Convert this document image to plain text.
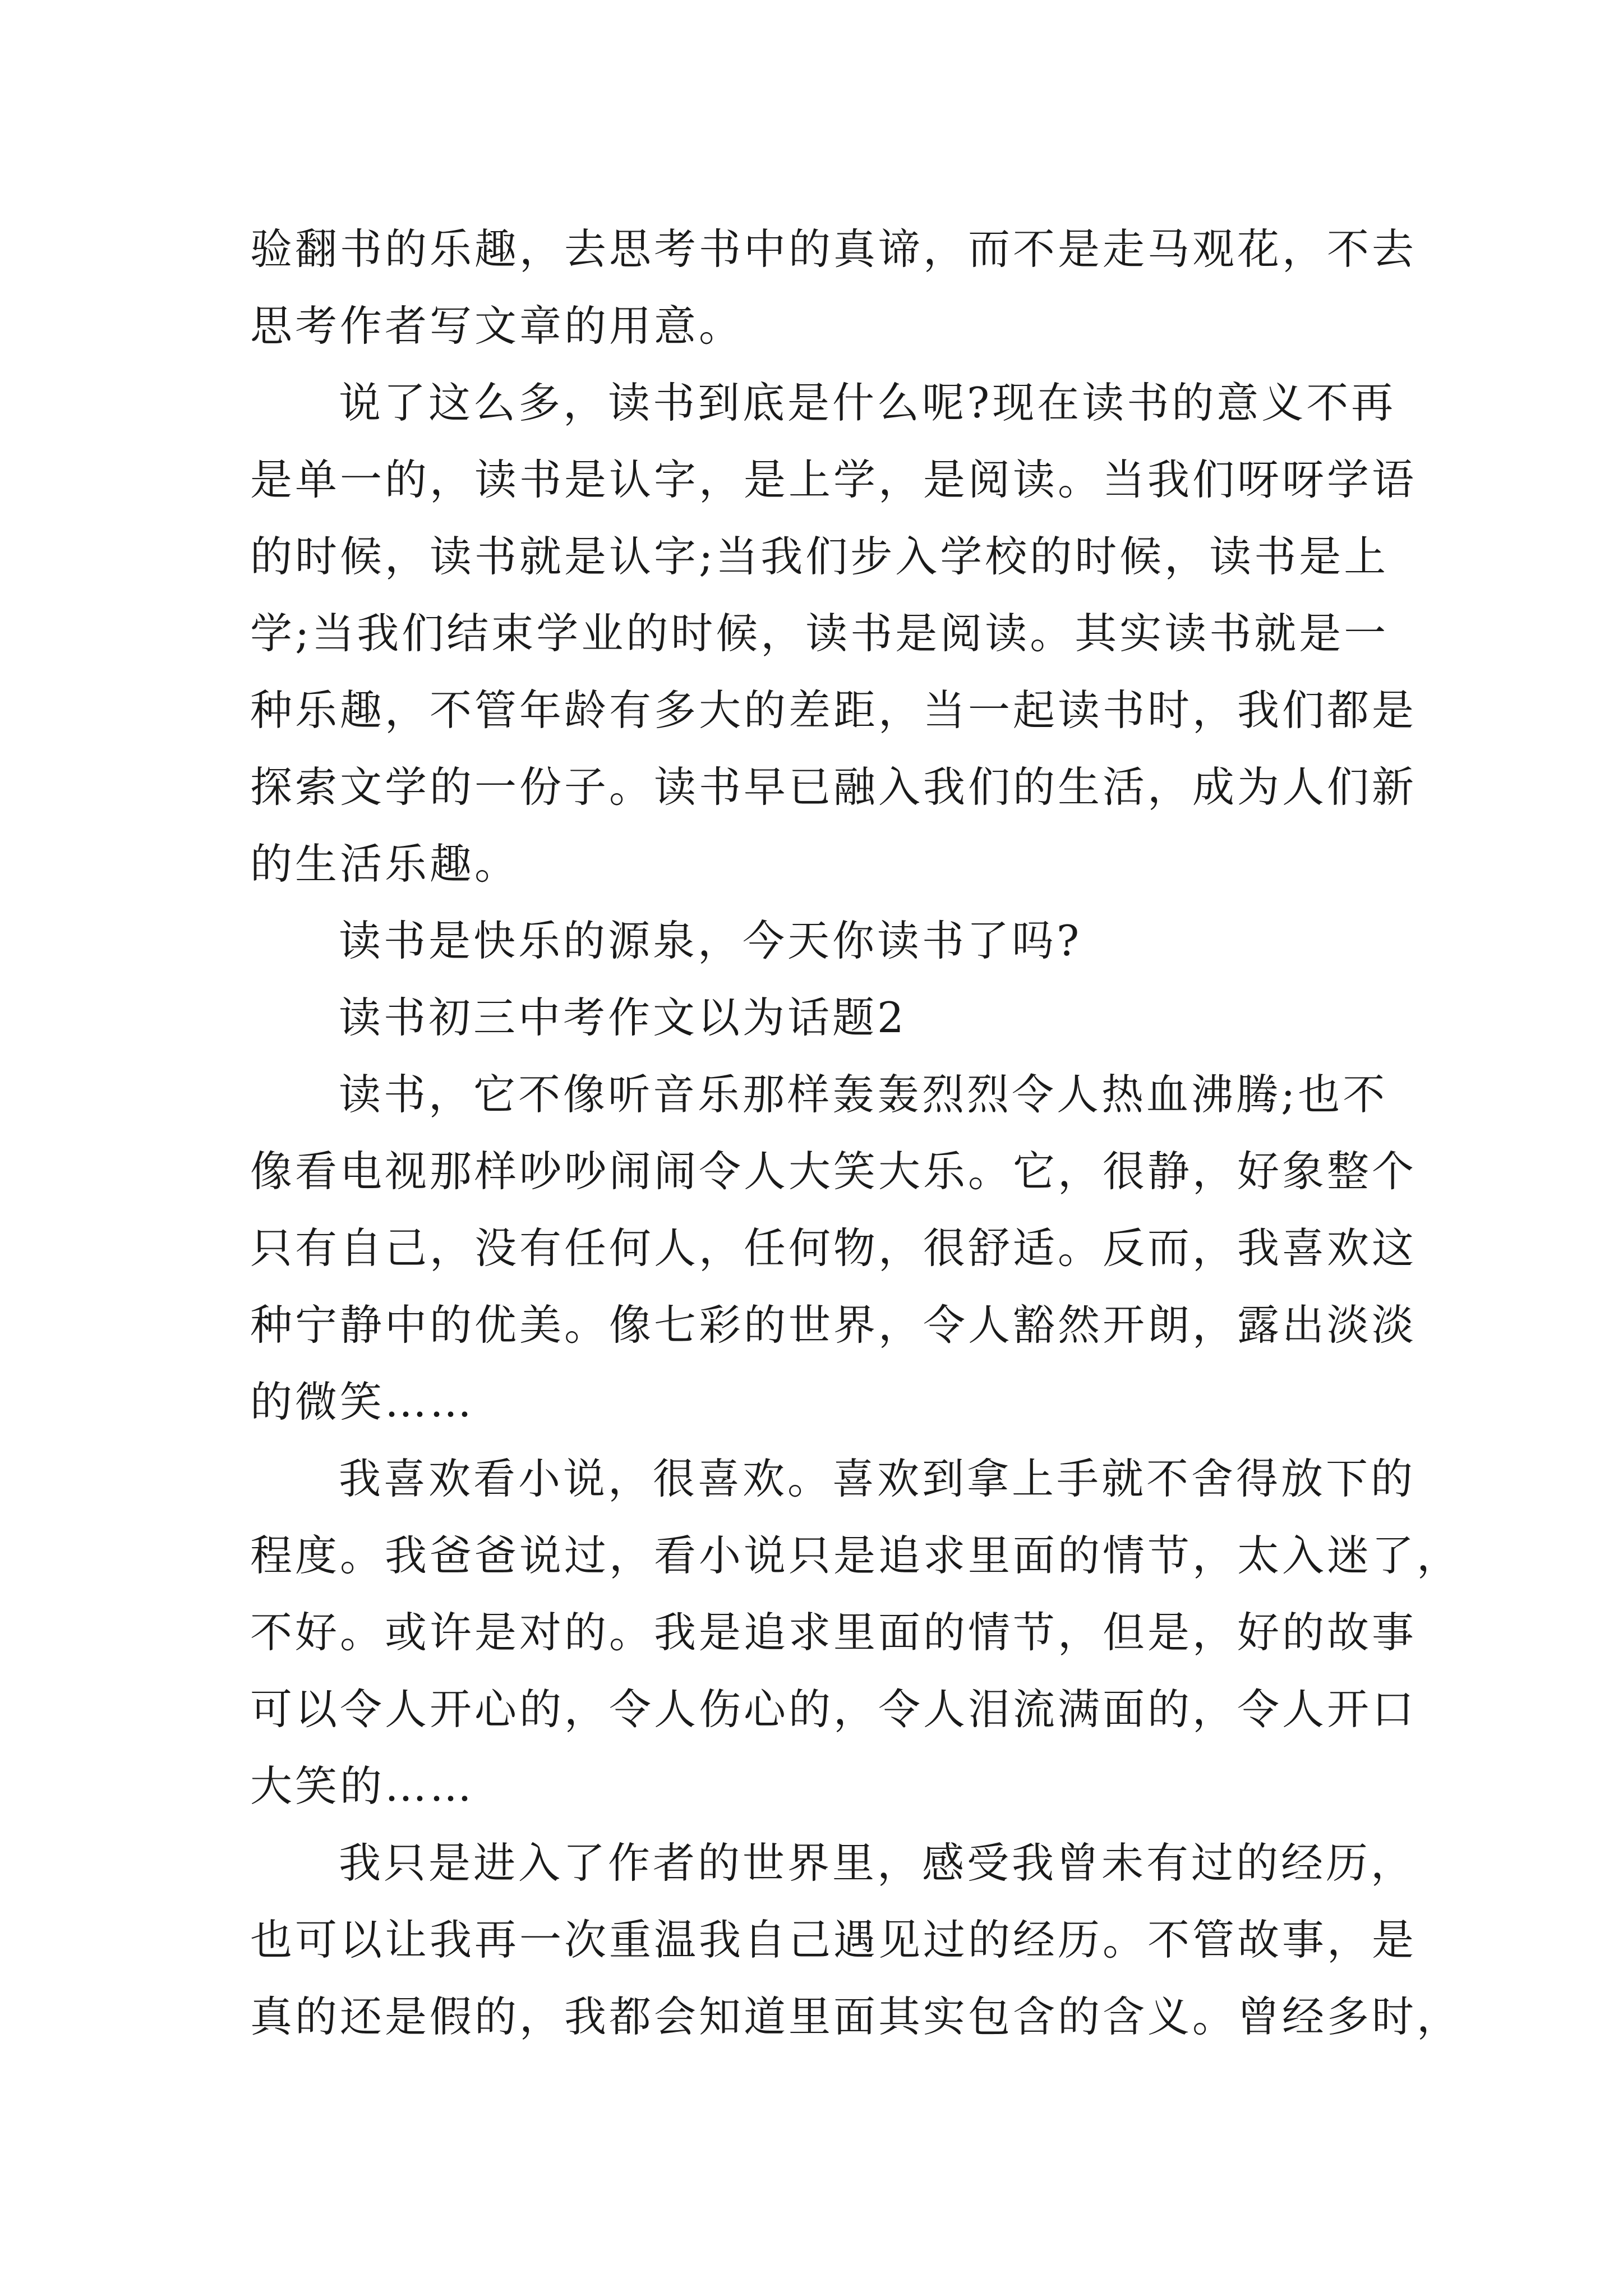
验翻书的乐趣，去思考书中的真谛，而不是走马观花，不去
思考作者写文章的用意。
说了这么多，读书到底是什么呢?现在读书的意义不再
是单一的，读书是认字，是上学，是阅读。当我们呀呀学语
的时候，读书就是认字;当我们步入学校的时候，读书是上
学;当我们结束学业的时候，读书是阅读。其实读书就是一
种乐趣，不管年龄有多大的差距，当一起读书时，我们都是
探索文学的一份子。读书早已融入我们的生活，成为人们新
的生活乐趣。
读书是快乐的源泉，今天你读书了吗?
读书初三中考作文以为话题2
读书，它不像听音乐那样轰轰烈烈令人热血沸腾;也不
像看电视那样吵吵闹闹令人大笑大乐。它，很静，好象整个
只有自己，没有任何人，任何物，很舒适。反而，我喜欢这
种宁静中的优美。像七彩的世界，令人豁然开朗，露出淡淡
的微笑……
我喜欢看小说，很喜欢。喜欢到拿上手就不舍得放下的
程度。我爸爸说过，看小说只是追求里面的情节，太入迷了，
不好。或许是对的。我是追求里面的情节，但是，好的故事
可以令人开心的，令人伤心的，令人泪流满面的，令人开口
大笑的……
我只是进入了作者的世界里，感受我曾未有过的经历，
也可以让我再一次重温我自己遇见过的经历。不管故事，是
真的还是假的，我都会知道里面其实包含的含义。曾经多时，
